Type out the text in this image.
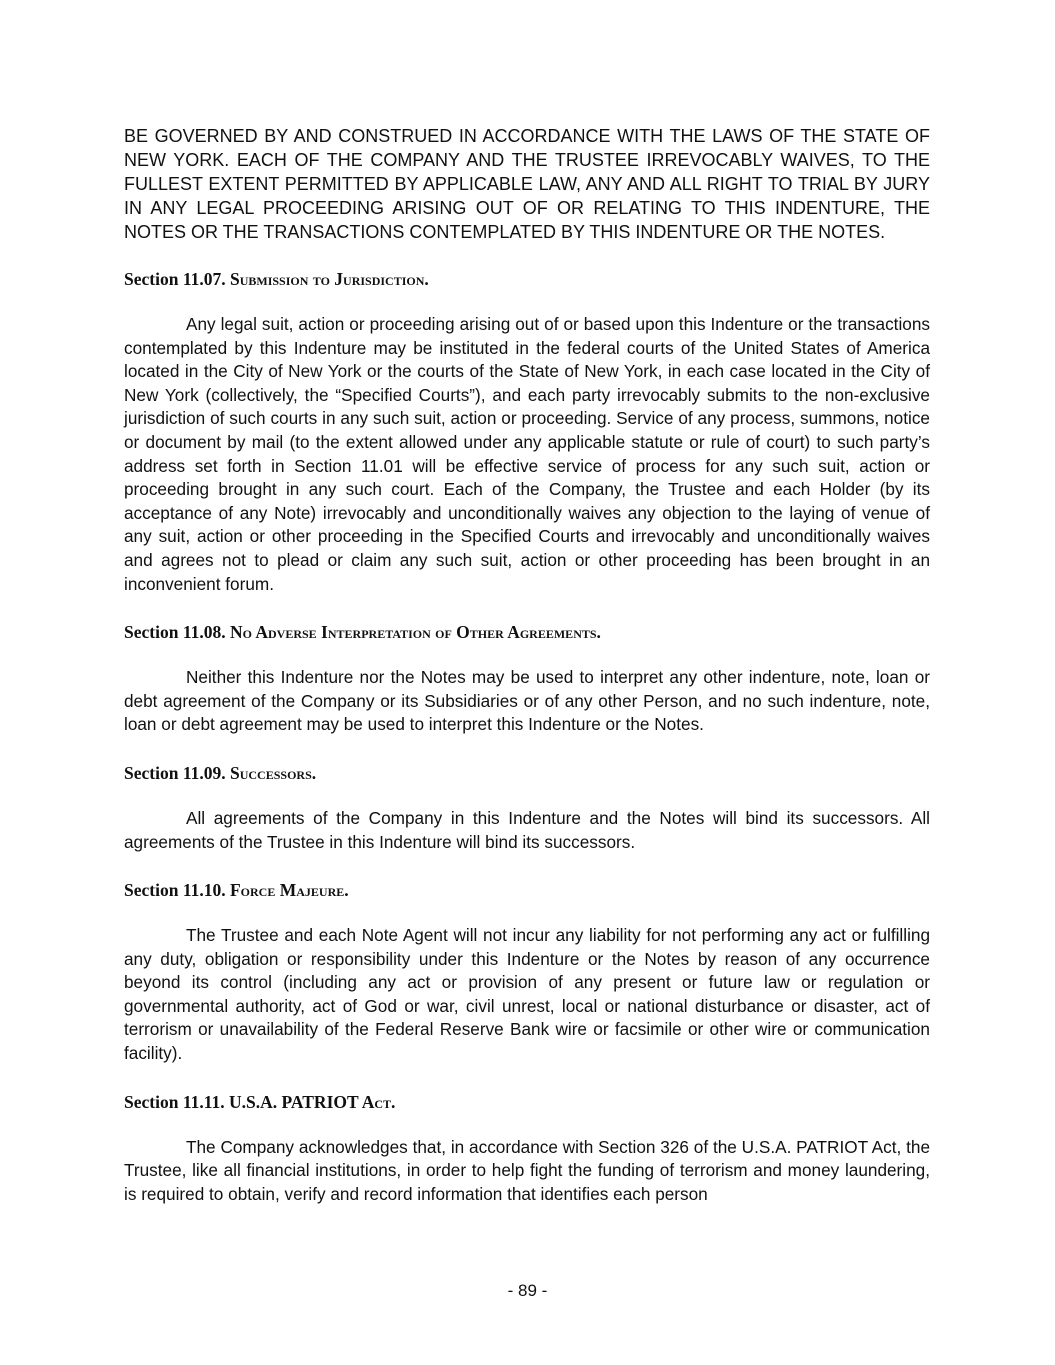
BE GOVERNED BY AND CONSTRUED IN ACCORDANCE WITH THE LAWS OF THE STATE OF NEW YORK. EACH OF THE COMPANY AND THE TRUSTEE IRREVOCABLY WAIVES, TO THE FULLEST EXTENT PERMITTED BY APPLICABLE LAW, ANY AND ALL RIGHT TO TRIAL BY JURY IN ANY LEGAL PROCEEDING ARISING OUT OF OR RELATING TO THIS INDENTURE, THE NOTES OR THE TRANSACTIONS CONTEMPLATED BY THIS INDENTURE OR THE NOTES.

Section 11.07. Submission to Jurisdiction.

Any legal suit, action or proceeding arising out of or based upon this Indenture or the transactions contemplated by this Indenture may be instituted in the federal courts of the United States of America located in the City of New York or the courts of the State of New York, in each case located in the City of New York (collectively, the “Specified Courts”), and each party irrevocably submits to the non-exclusive jurisdiction of such courts in any such suit, action or proceeding. Service of any process, summons, notice or document by mail (to the extent allowed under any applicable statute or rule of court) to such party’s address set forth in Section 11.01 will be effective service of process for any such suit, action or proceeding brought in any such court. Each of the Company, the Trustee and each Holder (by its acceptance of any Note) irrevocably and unconditionally waives any objection to the laying of venue of any suit, action or other proceeding in the Specified Courts and irrevocably and unconditionally waives and agrees not to plead or claim any such suit, action or other proceeding has been brought in an inconvenient forum.

Section 11.08. No Adverse Interpretation of Other Agreements.

Neither this Indenture nor the Notes may be used to interpret any other indenture, note, loan or debt agreement of the Company or its Subsidiaries or of any other Person, and no such indenture, note, loan or debt agreement may be used to interpret this Indenture or the Notes.

Section 11.09. Successors.

All agreements of the Company in this Indenture and the Notes will bind its successors. All agreements of the Trustee in this Indenture will bind its successors.

Section 11.10. Force Majeure.

The Trustee and each Note Agent will not incur any liability for not performing any act or fulfilling any duty, obligation or responsibility under this Indenture or the Notes by reason of any occurrence beyond its control (including any act or provision of any present or future law or regulation or governmental authority, act of God or war, civil unrest, local or national disturbance or disaster, act of terrorism or unavailability of the Federal Reserve Bank wire or facsimile or other wire or communication facility).

Section 11.11. U.S.A. PATRIOT Act.

The Company acknowledges that, in accordance with Section 326 of the U.S.A. PATRIOT Act, the Trustee, like all financial institutions, in order to help fight the funding of terrorism and money laundering, is required to obtain, verify and record information that identifies each person

- 89 -
